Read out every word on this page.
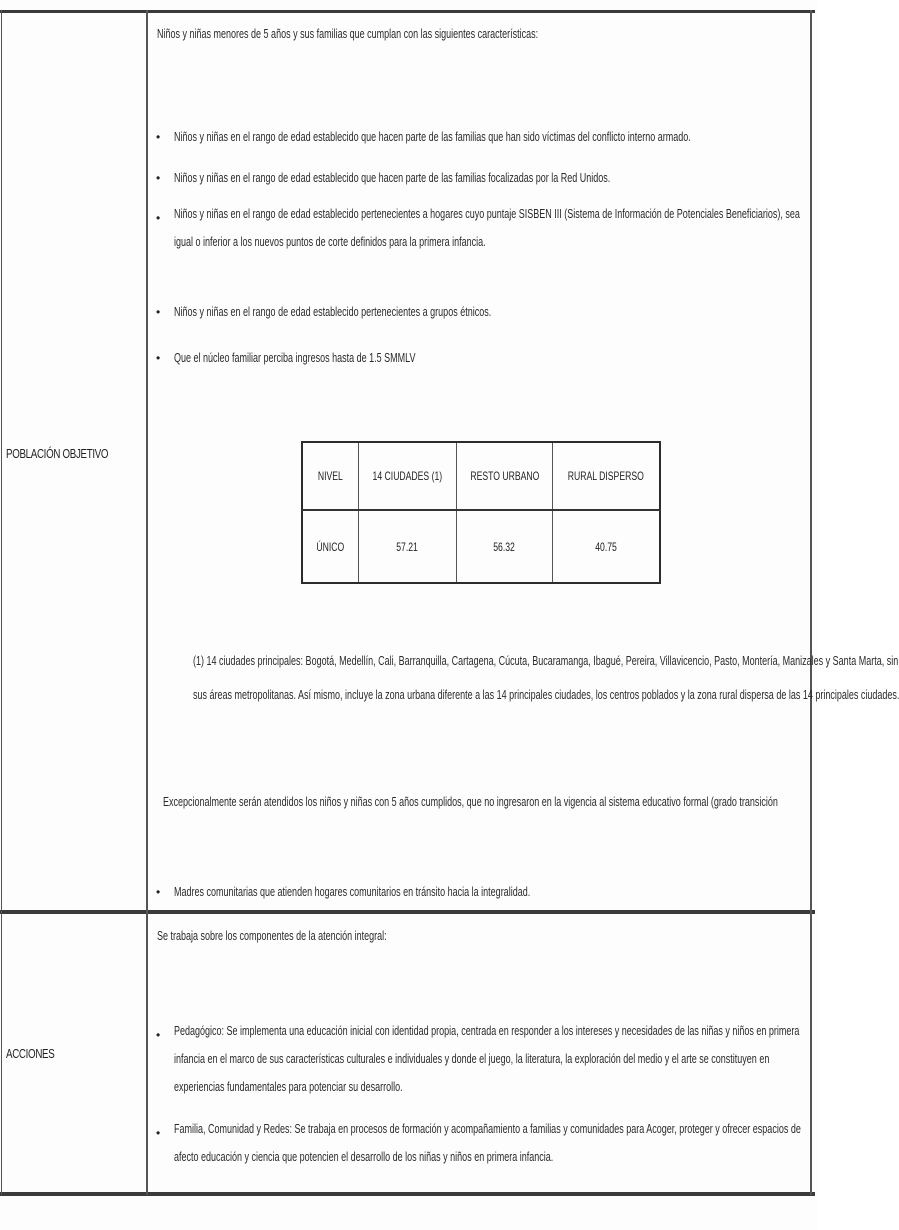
POBLACIÓN OBJETIVO
Niños y niñas menores de 5 años y sus familias que cumplan con las siguientes características:
• Niños y niñas en el rango de edad establecido que hacen parte de las familias que han sido víctimas del conflicto interno armado.
• Niños y niñas en el rango de edad establecido que hacen parte de las familias focalizadas por la Red Unidos.
• Niños y niñas en el rango de edad establecido pertenecientes a hogares cuyo puntaje SISBEN III (Sistema de Información de Potenciales Beneficiarios), sea igual o inferior a los nuevos puntos de corte definidos para la primera infancia.
• Niños y niñas en el rango de edad establecido pertenecientes a grupos étnicos.
• Que el núcleo familiar perciba ingresos hasta de 1.5 SMMLV
NIVEL	14 CIUDADES (1)	RESTO URBANO	RURAL DISPERSO
ÚNICO	57.21	56.32	40.75
(1) 14 ciudades principales: Bogotá, Medellín, Cali, Barranquilla, Cartagena, Cúcuta, Bucaramanga, Ibagué, Pereira, Villavicencio, Pasto, Montería, Manizales y Santa Marta, sin
sus áreas metropolitanas. Así mismo, incluye la zona urbana diferente a las 14 principales ciudades, los centros poblados y la zona rural dispersa de las 14 principales ciudades.
Excepcionalmente serán atendidos los niños y niñas con 5 años cumplidos, que no ingresaron en la vigencia al sistema educativo formal (grado transición
• Madres comunitarias que atienden hogares comunitarios en tránsito hacia la integralidad.
ACCIONES
Se trabaja sobre los componentes de la atención integral:
• Pedagógico: Se implementa una educación inicial con identidad propia, centrada en responder a los intereses y necesidades de las niñas y niños en primera infancia en el marco de sus características culturales e individuales y donde el juego, la literatura, la exploración del medio y el arte se constituyen en experiencias fundamentales para potenciar su desarrollo.
• Familia, Comunidad y Redes: Se trabaja en procesos de formación y acompañamiento a familias y comunidades para Acoger, proteger y ofrecer espacios de afecto educación y ciencia que potencien el desarrollo de los niñas y niños en primera infancia.
